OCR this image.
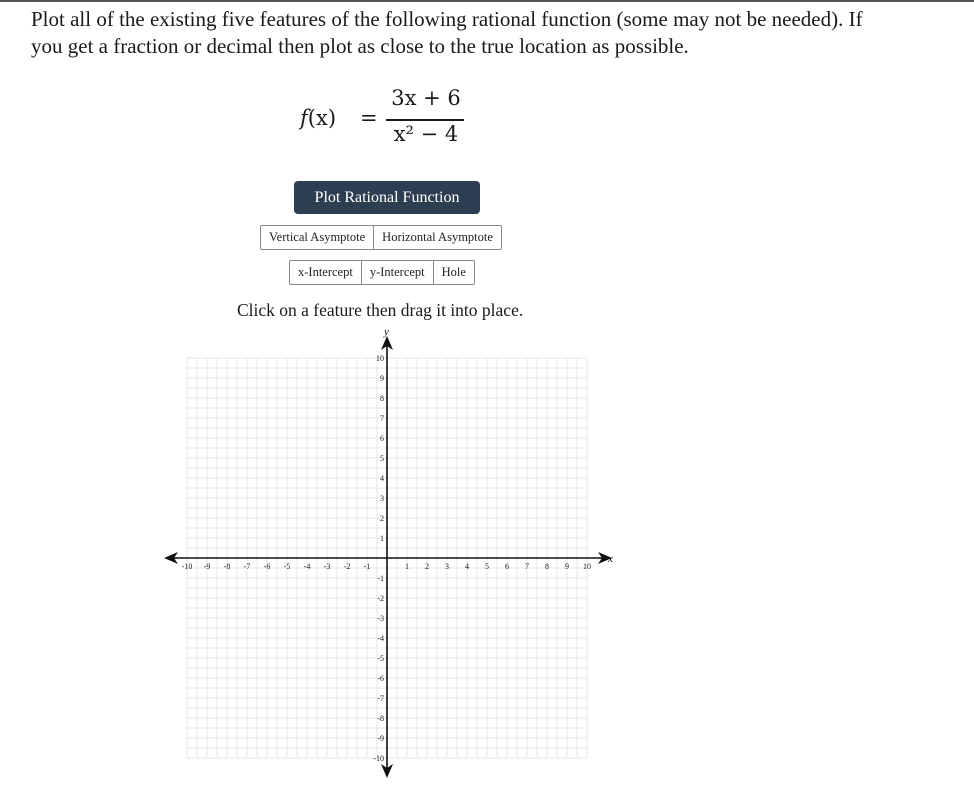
Plot all of the existing five features of the following rational function (some may not be needed). If
you get a fraction or decimal then plot as close to the true location as possible.
f(x) =
3x + 6
x² − 4
Plot Rational Function
Vertical Asymptote	Horizontal Asymptote
x-Intercept	y-Intercept	Hole
Click on a feature then drag it into place.
x
y
-10 -9 -8 -7 -6 -5 -4 -3 -2 -1	1 2 3 4 5 6 7 8 9 10
-10
-9
-8
-7
-6
-5
-4
-3
-2
-1
1
2
3
4
5
6
7
8
9
10
